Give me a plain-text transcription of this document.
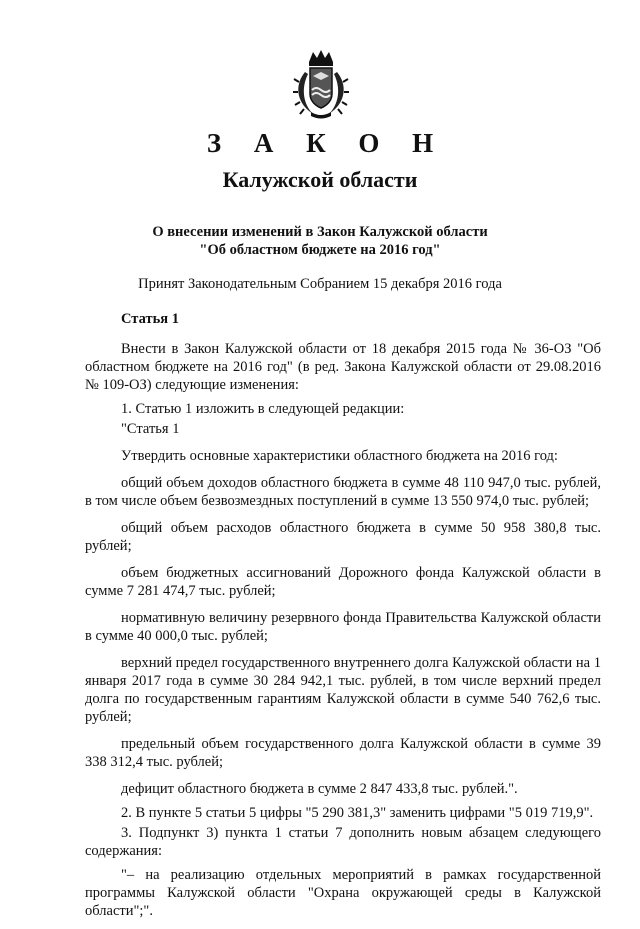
З А К О Н
Калужской области
О внесении изменений в Закон Калужской области
"Об областном бюджете на 2016 год"
Принят Законодательным Собранием 15 декабря 2016 года
Статья 1

Внести в Закон Калужской области от 18 декабря 2015 года № 36-ОЗ "Об областном бюджете на 2016 год" (в ред. Закона Калужской области от 29.08.2016 № 109-ОЗ) следующие изменения:

1. Статью 1 изложить в следующей редакции:

"Статья 1

Утвердить основные характеристики областного бюджета на 2016 год:

общий объем доходов областного бюджета в сумме 48 110 947,0 тыс. рублей, в том числе объем безвозмездных поступлений в сумме 13 550 974,0 тыс. рублей;

общий объем расходов областного бюджета в сумме 50 958 380,8 тыс. рублей;

объем бюджетных ассигнований Дорожного фонда Калужской области в сумме 7 281 474,7 тыс. рублей;

нормативную величину резервного фонда Правительства Калужской области в сумме 40 000,0 тыс. рублей;

верхний предел государственного внутреннего долга Калужской области на 1 января 2017 года в сумме 30 284 942,1 тыс. рублей, в том числе верхний предел долга по государственным гарантиям Калужской области в сумме 540 762,6 тыс. рублей;

предельный объем государственного долга Калужской области в сумме 39 338 312,4 тыс. рублей;

дефицит областного бюджета в сумме 2 847 433,8 тыс. рублей.".

2. В пункте 5 статьи 5 цифры "5 290 381,3" заменить цифрами "5 019 719,9".

3. Подпункт 3) пункта 1 статьи 7 дополнить новым абзацем следующего содержания:

"– на реализацию отдельных мероприятий в рамках государственной программы Калужской области "Охрана окружающей среды в Калужской области";".
